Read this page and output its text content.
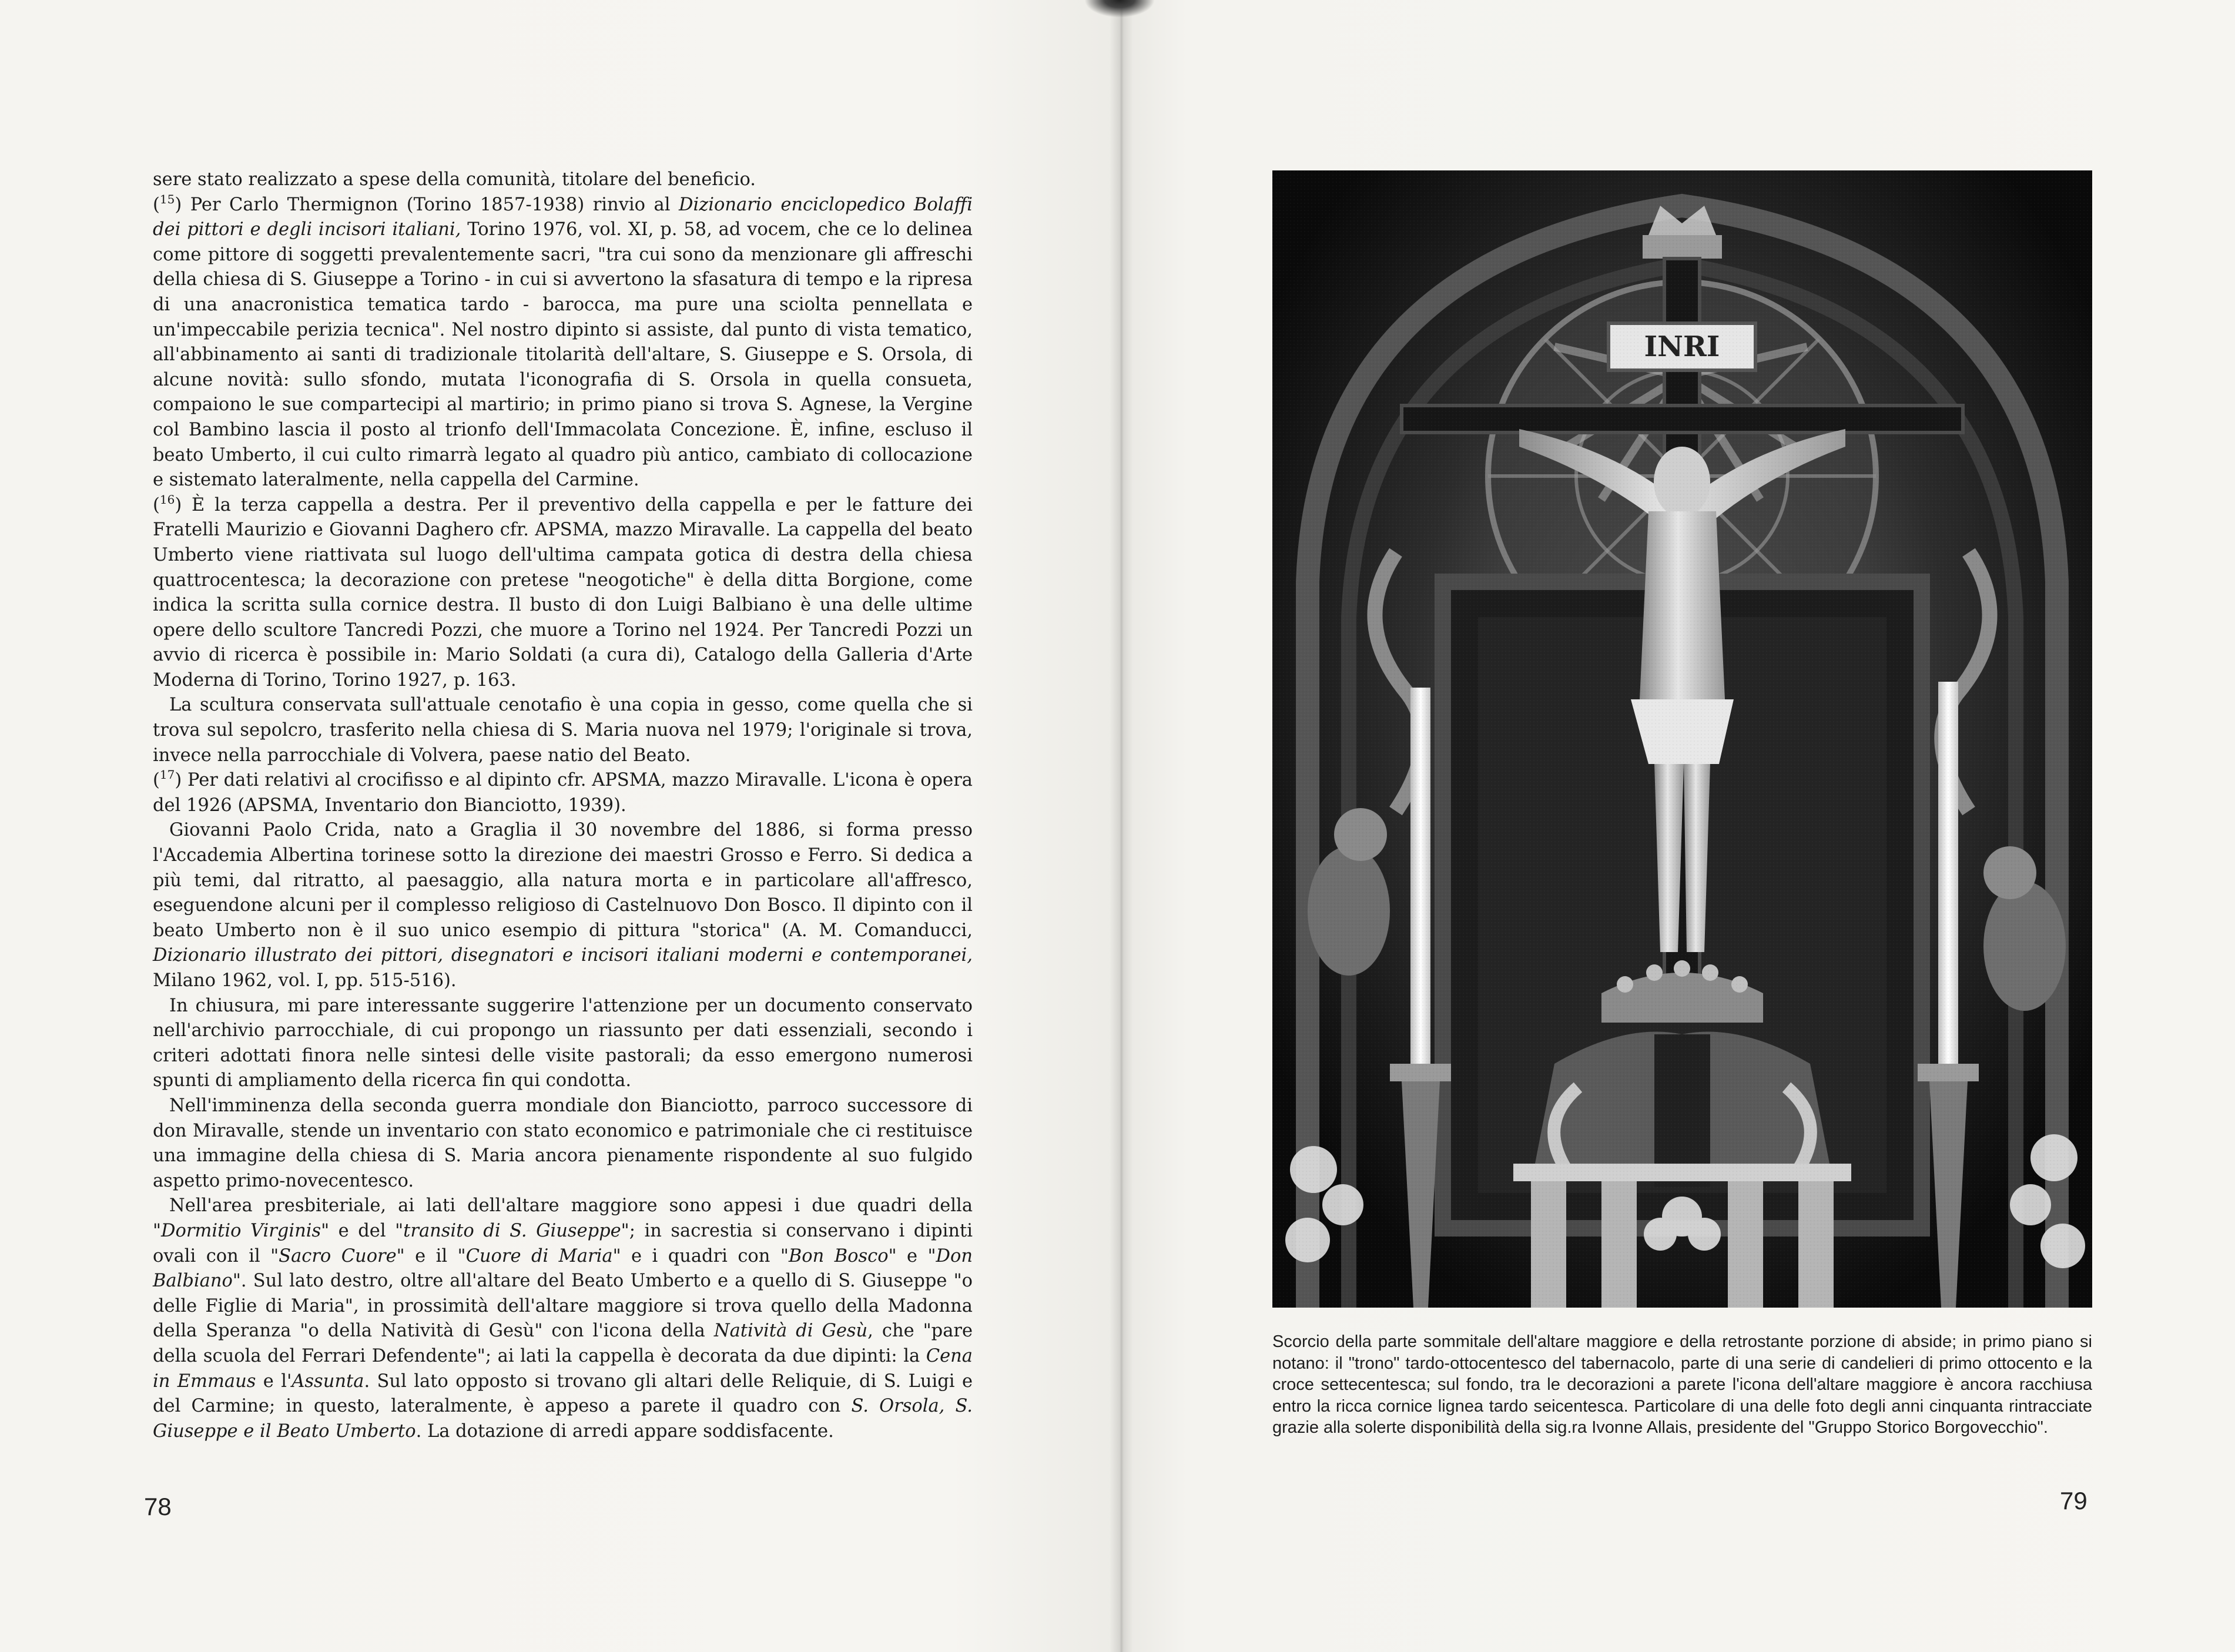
sere stato realizzato a spese della comunità, titolare del beneficio.

($^{15}$) Per Carlo Thermignon (Torino 1857-1938) rinvio al Dizionario enciclopedico Bolaffi dei pittori e degli incisori italiani, Torino 1976, vol. XI, p. 58, ad vocem, che ce lo delinea come pittore di soggetti prevalentemente sacri, "tra cui sono da menzionare gli affreschi della chiesa di S. Giuseppe a Torino - in cui si avvertono la sfasatura di tempo e la ripresa di una anacronistica tematica tardo - barocca, ma pure una sciolta pennellata e un'impeccabile perizia tecnica". Nel nostro dipinto si assiste, dal punto di vista tematico, all'abbinamento ai santi di tradizionale titolarità dell'altare, S. Giuseppe e S. Orsola, di alcune novità: sullo sfondo, mutata l'iconografia di S. Orsola in quella consueta, compaiono le sue compartecipi al martirio; in primo piano si trova S. Agnese, la Vergine col Bambino lascia il posto al trionfo dell'Immacolata Concezione. È, infine, escluso il beato Umberto, il cui culto rimarrà legato al quadro più antico, cambiato di collocazione e sistemato lateralmente, nella cappella del Carmine.

($^{16}$) È la terza cappella a destra. Per il preventivo della cappella e per le fatture dei Fratelli Maurizio e Giovanni Daghero cfr. APSMA, mazzo Miravalle. La cappella del beato Umberto viene riattivata sul luogo dell'ultima campata gotica di destra della chiesa quattrocentesca; la decorazione con pretese "neogotiche" è della ditta Borgione, come indica la scritta sulla cornice destra. Il busto di don Luigi Balbiano è una delle ultime opere dello scultore Tancredi Pozzi, che muore a Torino nel 1924. Per Tancredi Pozzi un avvio di ricerca è possibile in: Mario Soldati (a cura di), Catalogo della Galleria d'Arte Moderna di Torino, Torino 1927, p. 163.

La scultura conservata sull'attuale cenotafio è una copia in gesso, come quella che si trova sul sepolcro, trasferito nella chiesa di S. Maria nuova nel 1979; l'originale si trova, invece nella parrocchiale di Volvera, paese natio del Beato.

($^{17}$) Per dati relativi al crocifisso e al dipinto cfr. APSMA, mazzo Miravalle. L'icona è opera del 1926 (APSMA, Inventario don Bianciotto, 1939).

Giovanni Paolo Crida, nato a Graglia il 30 novembre del 1886, si forma presso l'Accademia Albertina torinese sotto la direzione dei maestri Grosso e Ferro. Si dedica a più temi, dal ritratto, al paesaggio, alla natura morta e in particolare all'affresco, eseguendone alcuni per il complesso religioso di Castelnuovo Don Bosco. Il dipinto con il beato Umberto non è il suo unico esempio di pittura "storica" (A. M. Comanducci, Dizionario illustrato dei pittori, disegnatori e incisori italiani moderni e contemporanei, Milano 1962, vol. I, pp. 515-516).

In chiusura, mi pare interessante suggerire l'attenzione per un documento conservato nell'archivio parrocchiale, di cui propongo un riassunto per dati essenziali, secondo i criteri adottati finora nelle sintesi delle visite pastorali; da esso emergono numerosi spunti di ampliamento della ricerca fin qui condotta.

Nell'imminenza della seconda guerra mondiale don Bianciotto, parroco successore di don Miravalle, stende un inventario con stato economico e patrimoniale che ci restituisce una immagine della chiesa di S. Maria ancora pienamente rispondente al suo fulgido aspetto primo-novecentesco.

Nell'area presbiteriale, ai lati dell'altare maggiore sono appesi i due quadri della "Dormitio Virginis" e del "transito di S. Giuseppe"; in sacrestia si conservano i dipinti ovali con il "Sacro Cuore" e il "Cuore di Maria" e i quadri con "Bon Bosco" e "Don Balbiano". Sul lato destro, oltre all'altare del Beato Umberto e a quello di S. Giuseppe "o delle Figlie di Maria", in prossimità dell'altare maggiore si trova quello della Madonna della Speranza "o della Natività di Gesù" con l'icona della Natività di Gesù, che "pare della scuola del Ferrari Defendente"; ai lati la cappella è decorata da due dipinti: la Cena in Emmaus e l'Assunta. Sul lato opposto si trovano gli altari delle Reliquie, di S. Luigi e del Carmine; in questo, lateralmente, è appeso a parete il quadro con S. Orsola, S. Giuseppe e il Beato Umberto. La dotazione di arredi appare soddisfacente.

78
Scorcio della parte sommitale dell'altare maggiore e della retrostante porzione di abside; in primo piano si notano: il "trono" tardo-ottocentesco del tabernacolo, parte di una serie di candelieri di primo ottocento e la croce settecentesca; sul fondo, tra le decorazioni a parete l'icona dell'altare maggiore è ancora racchiusa entro la ricca cornice lignea tardo seicentesca. Particolare di una delle foto degli anni cinquanta rintracciate grazie alla solerte disponibilità della sig.ra Ivonne Allais, presidente del "Gruppo Storico Borgovecchio".
79
